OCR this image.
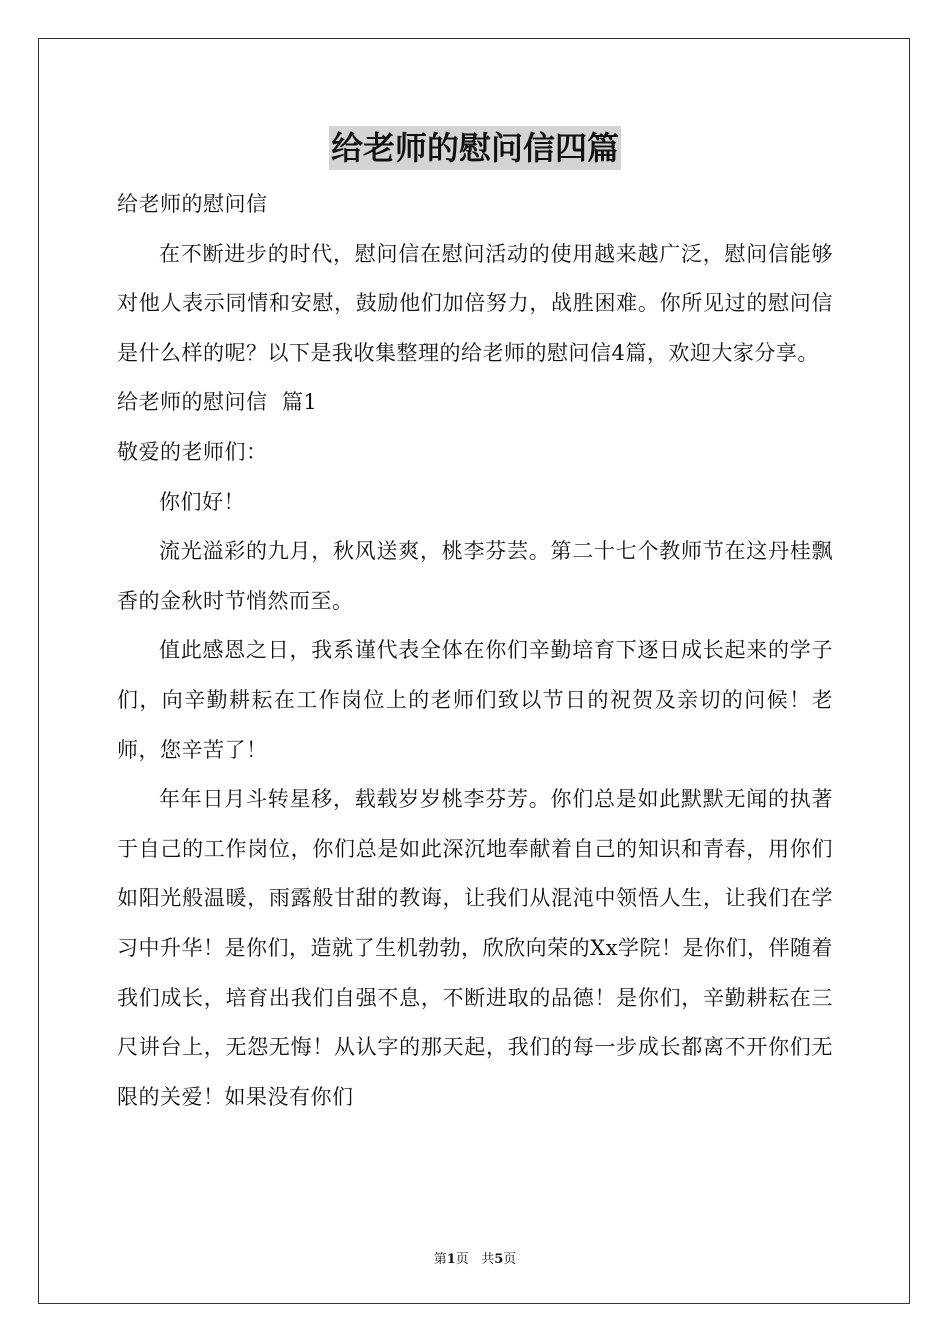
给老师的慰问信四篇

给老师的慰问信

在不断进步的时代，慰问信在慰问活动的使用越来越广泛，慰问信能够对他人表示同情和安慰，鼓励他们加倍努力，战胜困难。你所见过的慰问信是什么样的呢？以下是我收集整理的给老师的慰问信4篇，欢迎大家分享。

给老师的慰问信  篇1

敬爱的老师们：

你们好！

流光溢彩的九月，秋风送爽，桃李芬芸。第二十七个教师节在这丹桂飘香的金秋时节悄然而至。

值此感恩之日，我系谨代表全体在你们辛勤培育下逐日成长起来的学子们，向辛勤耕耘在工作岗位上的老师们致以节日的祝贺及亲切的问候！老师，您辛苦了！

年年日月斗转星移，载载岁岁桃李芬芳。你们总是如此默默无闻的执著于自己的工作岗位，你们总是如此深沉地奉献着自己的知识和青春，用你们如阳光般温暖，雨露般甘甜的教诲，让我们从混沌中领悟人生，让我们在学习中升华！是你们，造就了生机勃勃，欣欣向荣的Xx学院！是你们，伴随着我们成长，培育出我们自强不息，不断进取的品德！是你们，辛勤耕耘在三尺讲台上，无怨无悔！从认字的那天起，我们的每一步成长都离不开你们无限的关爱！如果没有你们

第1页 共5页
